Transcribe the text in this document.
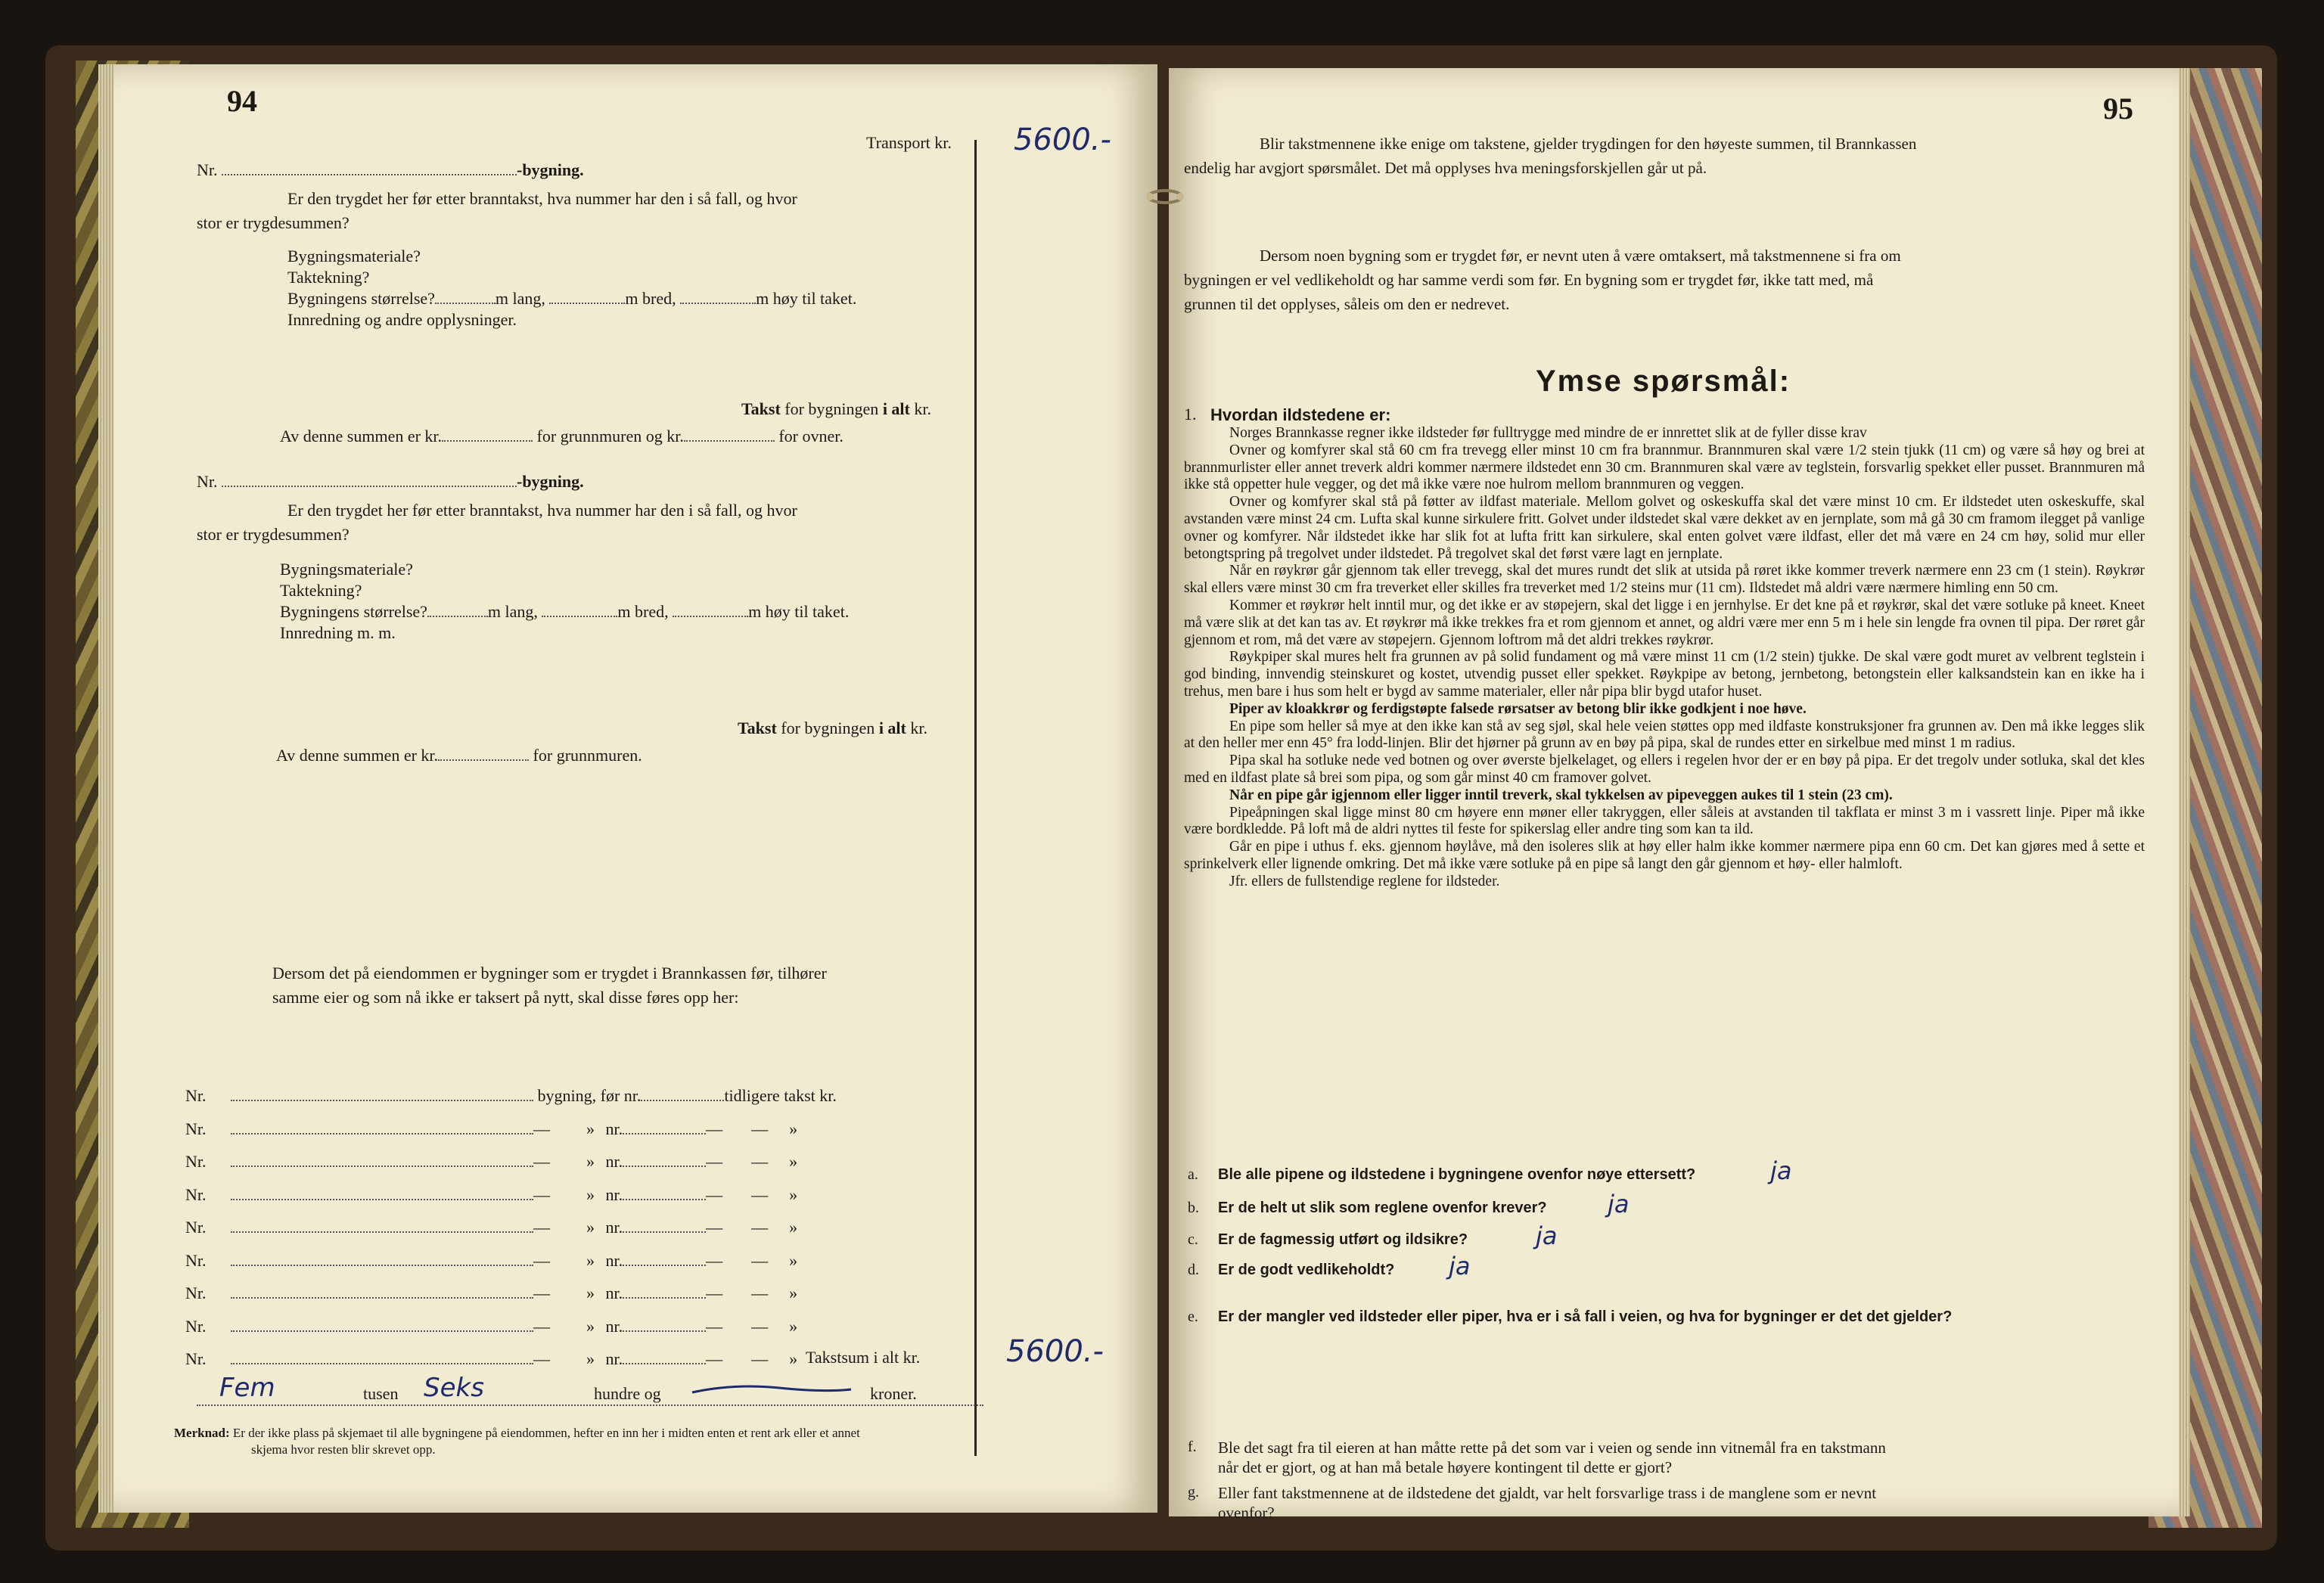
94
Transport kr. 5600.-
Nr.	-bygning.
Er den trygdet her før etter branntakst, hva nummer har den i så fall, og hvor
stor er trygdesummen?
Bygningsmateriale?
Taktekning?
Bygningens størrelse?	m lang,	m bred,	m høy til taket.
Innredning og andre opplysninger.
Takst for bygningen i alt kr.
Av denne summen er kr.	for grunnmuren og kr.	for ovner.
Nr.	-bygning.
Er den trygdet her før etter branntakst, hva nummer har den i så fall, og hvor
stor er trygdesummen?
Bygningsmateriale?
Taktekning?
Bygningens størrelse?	m lang,	m bred,	m høy til taket.
Innredning m. m.
Takst for bygningen i alt kr.
Av denne summen er kr.	for grunnmuren.
Dersom det på eiendommen er bygninger som er trygdet i Brannkassen før, tilhører
samme eier og som nå ikke er taksert på nytt, skal disse føres opp her:
Nr.	bygning, før nr.	tidligere takst kr.
Nr.	— » nr.	— — »
Nr.	— » nr.	— — »
Nr.	— » nr.	— — »
Nr.	— » nr.	— — »
Nr.	— » nr.	— — »
Nr.	— » nr.	— — »
Nr.	— » nr.	— — »
Nr.	— » nr.	— — » Takstsum i alt kr.	5600.-
Fem	tusen Seks	hundre og	kroner.
Merknad: Er der ikke plass på skjemaet til alle bygningene på eiendommen, hefter en inn her i midten enten et rent ark eller et annet
skjema hvor resten blir skrevet opp.
95
Blir takstmennene ikke enige om takstene, gjelder trygdingen for den høyeste summen, til Brannkassen
endelig har avgjort spørsmålet. Det må opplyses hva meningsforskjellen går ut på.
Dersom noen bygning som er trygdet før, er nevnt uten å være omtaksert, må takstmennene si fra om
bygningen er vel vedlikeholdt og har samme verdi som før. En bygning som er trygdet før, ikke tatt med, må
grunnen til det opplyses, såleis om den er nedrevet.
Ymse spørsmål:
1. Hvordan ildstedene er:

Norges Brannkasse regner ikke ildsteder før fulltrygge med mindre de er innrettet slik at de fyller disse krav

Ovner og komfyrer skal stå 60 cm fra trevegg eller minst 10 cm fra brannmur. Brannmuren skal være 1/2 stein tjukk (11 cm) og være så høy og brei at brannmurlister eller annet treverk aldri kommer nærmere ildstedet enn 30 cm. Brannmuren skal være av teglstein, forsvarlig spekket eller pusset. Brannmuren må ikke stå oppetter hule vegger, og det må ikke være noe hulrom mellom brannmuren og veggen.

Ovner og komfyrer skal stå på føtter av ildfast materiale. Mellom golvet og oskeskuffa skal det være minst 10 cm. Er ildstedet uten oskeskuffe, skal avstanden være minst 24 cm. Lufta skal kunne sirkulere fritt. Golvet under ildstedet skal være dekket av en jernplate, som må gå 30 cm framom ilegget på vanlige ovner og komfyrer. Når ildstedet ikke har slik fot at lufta fritt kan sirkulere, skal enten golvet være ildfast, eller det må være en 24 cm høy, solid mur eller betongtspring på tregolvet under ildstedet. På tregolvet skal det først være lagt en jernplate.

Når en røykrør går gjennom tak eller trevegg, skal det mures rundt det slik at utsida på røret ikke kommer treverk nærmere enn 23 cm (1 stein). Røykrør skal ellers være minst 30 cm fra treverket eller skilles fra treverket med 1/2 steins mur (11 cm). Ildstedet må aldri være nærmere himling enn 50 cm.

Kommer et røykrør helt inntil mur, og det ikke er av støpejern, skal det ligge i en jernhylse. Er det kne på et røykrør, skal det være sotluke på kneet. Kneet må være slik at det kan tas av. Et røykrør må ikke trekkes fra et rom gjennom et annet, og aldri være mer enn 5 m i hele sin lengde fra ovnen til pipa. Der røret går gjennom et rom, må det være av støpejern. Gjennom loftrom må det aldri trekkes røykrør.

Røykpiper skal mures helt fra grunnen av på solid fundament og må være minst 11 cm (1/2 stein) tjukke. De skal være godt muret av velbrent teglstein i god binding, innvendig steinskuret og kostet, utvendig pusset eller spekket. Røykpipe av betong, jernbetong, betongstein eller kalksandstein kan en ikke ha i trehus, men bare i hus som helt er bygd av samme materialer, eller når pipa blir bygd utafor huset.

Piper av kloakkrør og ferdigstøpte falsede rørsatser av betong blir ikke godkjent i noe høve.

En pipe som heller så mye at den ikke kan stå av seg sjøl, skal hele veien støttes opp med ildfaste konstruksjoner fra grunnen av. Den må ikke legges slik at den heller mer enn 45° fra lodd-linjen. Blir det hjørner på grunn av en bøy på pipa, skal de rundes etter en sirkelbue med minst 1 m radius.

Pipa skal ha sotluke nede ved botnen og over øverste bjelkelaget, og ellers i regelen hvor der er en bøy på pipa. Er det tregolv under sotluka, skal det kles med en ildfast plate så brei som pipa, og som går minst 40 cm framover golvet.

Når en pipe går igjennom eller ligger inntil treverk, skal tykkelsen av pipeveggen aukes til 1 stein (23 cm).

Pipeåpningen skal ligge minst 80 cm høyere enn møner eller takryggen, eller såleis at avstanden til takflata er minst 3 m i vassrett linje. Piper må ikke være bordkledde. På loft må de aldri nyttes til feste for spikerslag eller andre ting som kan ta ild.

Går en pipe i uthus f. eks. gjennom høylåve, må den isoleres slik at høy eller halm ikke kommer nærmere pipa enn 60 cm. Det kan gjøres med å sette et sprinkelverk eller lignende omkring. Det må ikke være sotluke på en pipe så langt den går gjennom et høy- eller halmloft.

Jfr. ellers de fullstendige reglene for ildsteder.

a. Ble alle pipene og ildstedene i bygningene ovenfor nøye ettersett?	ja
b. Er de helt ut slik som reglene ovenfor krever?	ja
c. Er de fagmessig utført og ildsikre?	ja
d. Er de godt vedlikeholdt? ja
e. Er der mangler ved ildsteder eller piper, hva er i så fall i veien, og hva for bygninger er det det gjelder?
f. Ble det sagt fra til eieren at han måtte rette på det som var i veien og sende inn vitnemål fra en takstmann
når det er gjort, og at han må betale høyere kontingent til dette er gjort?
g. Eller fant takstmennene at de ildstedene det gjaldt, var helt forsvarlige trass i de manglene som er nevnt
ovenfor?
